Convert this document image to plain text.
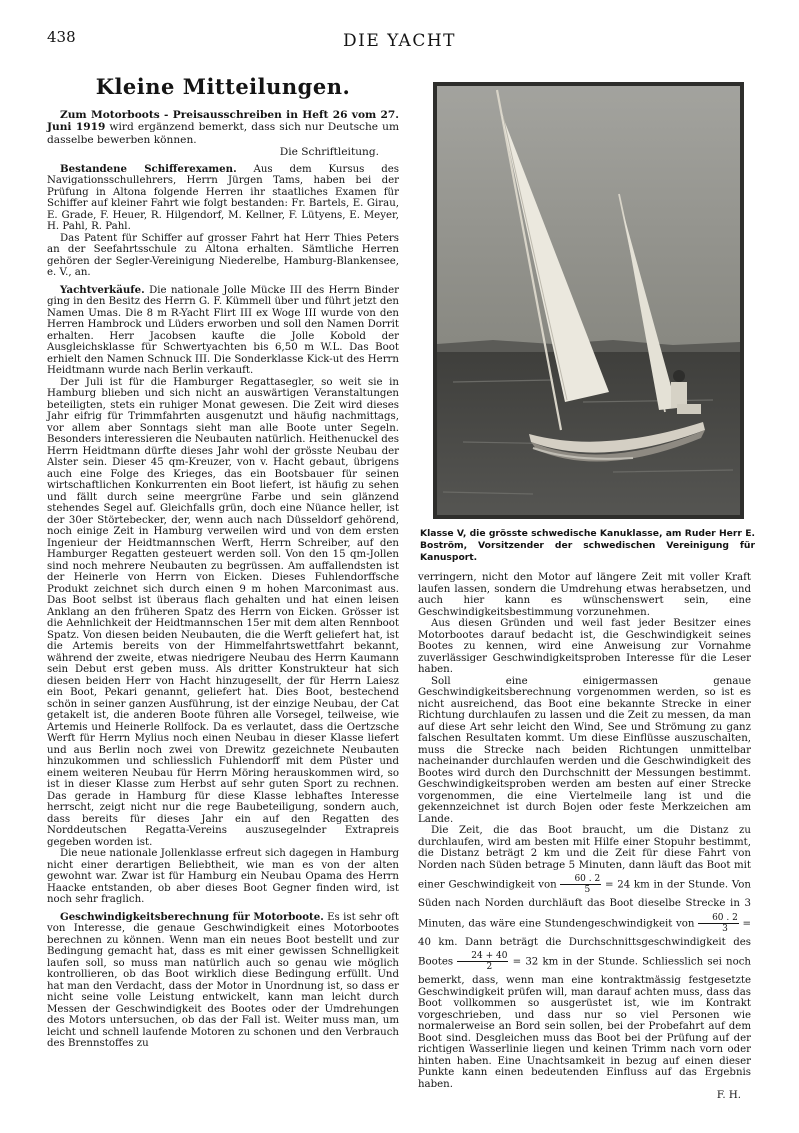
438	DIE YACHT
Kleine Mitteilungen.

Zum Motorboots - Preisausschreiben in Heft 26 vom 27. Juni 1919 wird ergänzend bemerkt, dass sich nur Deutsche um dasselbe bewerben können.

Die Schriftleitung.

Bestandene Schifferexamen. Aus dem Kursus des Navigationsschullehrers, Herrn Jürgen Tams, haben bei der Prüfung in Altona folgende Herren ihr staatliches Examen für Schiffer auf kleiner Fahrt wie folgt bestanden: Fr. Bartels, E. Girau, E. Grade, F. Heuer, R. Hilgendorf, M. Kellner, F. Lütyens, E. Meyer, H. Pahl, R. Pahl.

Das Patent für Schiffer auf grosser Fahrt hat Herr Thies Peters an der Seefahrtsschule zu Altona erhalten. Sämtliche Herren gehören der Segler-Vereinigung Niederelbe, Hamburg-Blankensee, e. V., an.

Yachtverkäufe. Die nationale Jolle Mücke III des Herrn Binder ging in den Besitz des Herrn G. F. Kümmell über und führt jetzt den Namen Umas. Die 8 m R-Yacht Flirt III ex Woge III wurde von den Herren Hambrock und Lüders erworben und soll den Namen Dorrit erhalten. Herr Jacobsen kaufte die Jolle Kobold der Ausgleichsklasse für Schwertyachten bis 6,50 m W.L. Das Boot erhielt den Namen Schnuck III. Die Sonderklasse Kick-ut des Herrn Heidtmann wurde nach Berlin verkauft.

Der Juli ist für die Hamburger Regattasegler, so weit sie in Hamburg blieben und sich nicht an auswärtigen Veranstaltungen beteiligten, stets ein ruhiger Monat gewesen. Die Zeit wird dieses Jahr eifrig für Trimmfahrten ausgenutzt und häufig nachmittags, vor allem aber Sonntags sieht man alle Boote unter Segeln. Besonders interessieren die Neubauten natürlich. Heithenuckel des Herrn Heidtmann dürfte dieses Jahr wohl der grösste Neubau der Alster sein. Dieser 45 qm-Kreuzer, von v. Hacht gebaut, übrigens auch eine Folge des Krieges, das ein Bootsbauer für seinen wirtschaftlichen Konkurrenten ein Boot liefert, ist häufig zu sehen und fällt durch seine meergrüne Farbe und sein glänzend stehendes Segel auf. Gleichfalls grün, doch eine Nüance heller, ist der 30er Störtebecker, der, wenn auch nach Düsseldorf gehörend, noch einige Zeit in Hamburg verweilen wird und von dem ersten Ingenieur der Heidtmannschen Werft, Herrn Schreiber, auf den Hamburger Regatten gesteuert werden soll. Von den 15 qm-Jollen sind noch mehrere Neubauten zu begrüssen. Am auffallendsten ist der Heinerle von Herrn von Eicken. Dieses Fuhlendorffsche Produkt zeichnet sich durch einen 9 m hohen Marconimast aus. Das Boot selbst ist überaus flach gehalten und hat einen leisen Anklang an den früheren Spatz des Herrn von Eicken. Grösser ist die Aehnlichkeit der Heidtmannschen 15er mit dem alten Rennboot Spatz. Von diesen beiden Neubauten, die die Werft geliefert hat, ist die Artemis bereits von der Himmelfahrtswettfahrt bekannt, während der zweite, etwas niedrigere Neubau des Herrn Kaumann sein Debut erst geben muss. Als dritter Konstrukteur hat sich diesen beiden Herr von Hacht hinzugesellt, der für Herrn Laiesz ein Boot, Pekari genannt, geliefert hat. Dies Boot, bestechend schön in seiner ganzen Ausführung, ist der einzige Neubau, der Cat getakelt ist, die anderen Boote führen alle Vorsegel, teilweise, wie Artemis und Heinerle Rollfock. Da es verlautet, dass die Oertzsche Werft für Herrn Mylius noch einen Neubau in dieser Klasse liefert und aus Berlin noch zwei von Drewitz gezeichnete Neubauten hinzukommen und schliesslich Fuhlendorff mit dem Püster und einem weiteren Neubau für Herrn Möring herauskommen wird, so ist in dieser Klasse zum Herbst auf sehr guten Sport zu rechnen. Das gerade in Hamburg für diese Klasse lebhaftes Interesse herrscht, zeigt nicht nur die rege Baubeteiligung, sondern auch, dass bereits für dieses Jahr ein auf den Regatten des Norddeutschen Regatta-Vereins auszusegelnder Extrapreis gegeben worden ist.

Die neue nationale Jollenklasse erfreut sich dagegen in Hamburg nicht einer derartigen Beliebtheit, wie man es von der alten gewohnt war. Zwar ist für Hamburg ein Neubau Opama des Herrn Haacke entstanden, ob aber dieses Boot Gegner finden wird, ist noch sehr fraglich.

Geschwindigkeitsberechnung für Motorboote. Es ist sehr oft von Interesse, die genaue Geschwindigkeit eines Motorbootes berechnen zu können. Wenn man ein neues Boot bestellt und zur Bedingung gemacht hat, dass es mit einer gewissen Schnelligkeit laufen soll, so muss man natürlich auch so genau wie möglich kontrollieren, ob das Boot wirklich diese Bedingung erfüllt. Und hat man den Verdacht, dass der Motor in Unordnung ist, so dass er nicht seine volle Leistung entwickelt, kann man leicht durch Messen der Geschwindigkeit des Bootes oder der Umdrehungen des Motors untersuchen, ob das der Fall ist. Weiter muss man, um leicht und schnell laufende Motoren zu schonen und den Verbrauch des Brennstoffes zu

Klasse V, die grösste schwedische Kanuklasse, am Ruder Herr E. Boström, Vorsitzender der schwedischen Vereinigung für Kanusport.

verringern, nicht den Motor auf längere Zeit mit voller Kraft laufen lassen, sondern die Umdrehung etwas herabsetzen, und auch hier kann es wünschenswert sein, eine Geschwindigkeitsbestimmung vorzunehmen.

Aus diesen Gründen und weil fast jeder Besitzer eines Motorbootes darauf bedacht ist, die Geschwindigkeit seines Bootes zu kennen, wird eine Anweisung zur Vornahme zuverlässiger Geschwindigkeitsproben Interesse für die Leser haben.

Soll eine einigermassen genaue Geschwindigkeitsberechnung vorgenommen werden, so ist es nicht ausreichend, das Boot eine bekannte Strecke in einer Richtung durchlaufen zu lassen und die Zeit zu messen, da man auf diese Art sehr leicht den Wind, See und Strömung zu ganz falschen Resultaten kommt. Um diese Einflüsse auszuschalten, muss die Strecke nach beiden Richtungen unmittelbar nacheinander durchlaufen werden und die Geschwindigkeit des Bootes wird durch den Durchschnitt der Messungen bestimmt. Geschwindigkeitsproben werden am besten auf einer Strecke vorgenommen, die eine Viertelmeile lang ist und die gekennzeichnet ist durch Bojen oder feste Merkzeichen am Lande.

Die Zeit, die das Boot braucht, um die Distanz zu durchlaufen, wird am besten mit Hilfe einer Stopuhr bestimmt, die Distanz beträgt 2 km und die Zeit für diese Fahrt von Norden nach Süden betrage 5 Minuten, dann läuft das Boot mit einer Geschwindigkeit von $\frac{60 . 2}{5} = 24$ km in der Stunde. Von Süden nach Norden durchläuft das Boot dieselbe Strecke in 3 Minuten, das wäre eine Stundengeschwindigkeit von $\frac{60 . 2}{3} = 40$ km. Dann beträgt die Durchschnittsgeschwindigkeit des Bootes $\frac{24 + 40}{2} = 32$ km in der Stunde. Schliesslich sei noch bemerkt, dass, wenn man eine kontraktmässig festgesetzte Geschwindigkeit prüfen will, man darauf achten muss, dass das Boot vollkommen so ausgerüstet ist, wie im Kontrakt vorgeschrieben, und dass nur so viel Personen wie normalerweise an Bord sein sollen, bei der Probefahrt auf dem Boot sind. Desgleichen muss das Boot bei der Prüfung auf der richtigen Wasserlinie liegen und keinen Trimm nach vorn oder hinten haben. Eine Unachtsamkeit in bezug auf einen dieser Punkte kann einen bedeutenden Einfluss auf das Ergebnis haben.

F. H.
